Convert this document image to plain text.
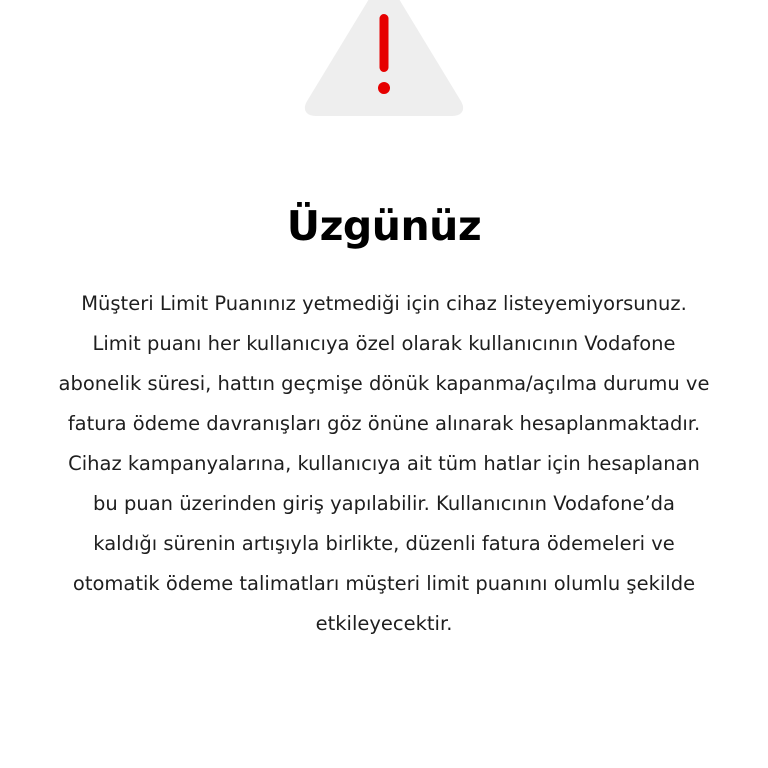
Üzgünüz

Müşteri Limit Puanınız yetmediği için cihaz listeyemiyorsunuz.
Limit puanı her kullanıcıya özel olarak kullanıcının Vodafone
abonelik süresi, hattın geçmişe dönük kapanma/açılma durumu ve
fatura ödeme davranışları göz önüne alınarak hesaplanmaktadır.
Cihaz kampanyalarına, kullanıcıya ait tüm hatlar için hesaplanan
bu puan üzerinden giriş yapılabilir. Kullanıcının Vodafone’da
kaldığı sürenin artışıyla birlikte, düzenli fatura ödemeleri ve
otomatik ödeme talimatları müşteri limit puanını olumlu şekilde
etkileyecektir.
